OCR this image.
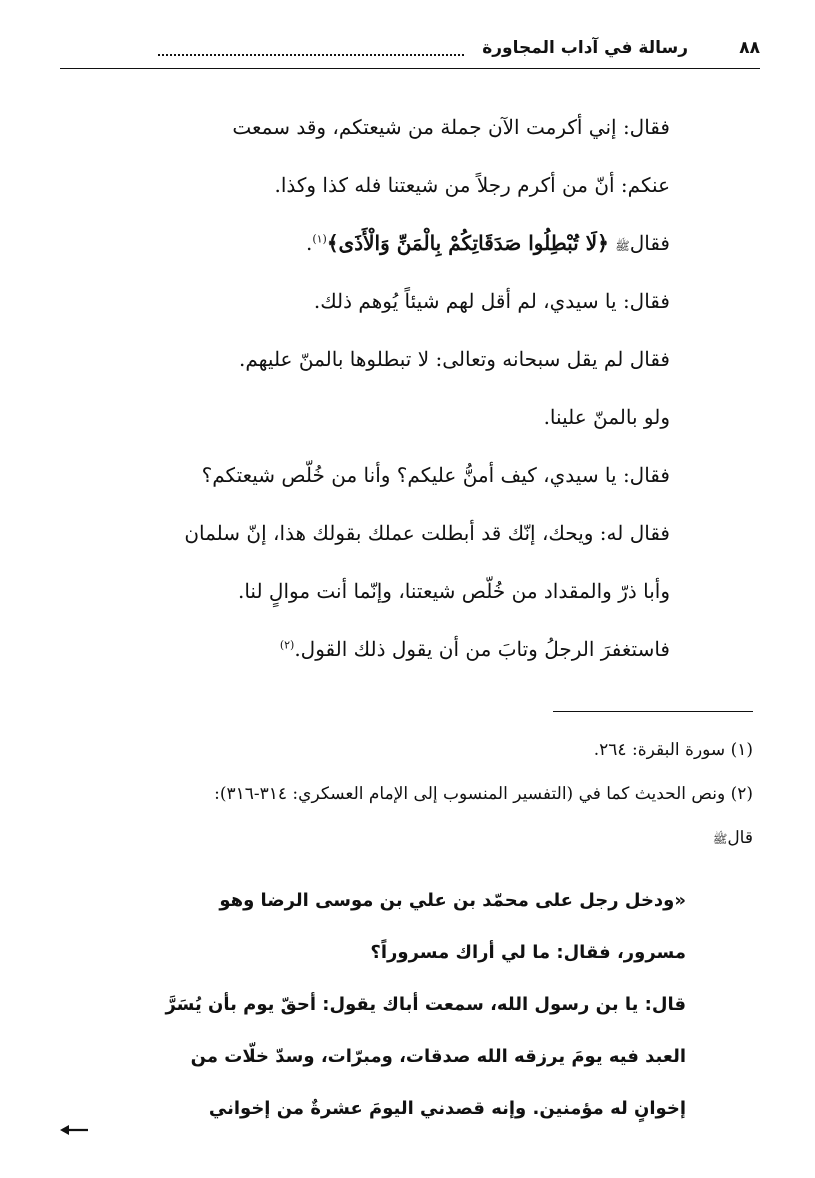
٨٨
رسالة في آداب المجاورة

فقال: إني أكرمت الآن جملة من شيعتكم، وقد سمعت

عنكم: أنّ من أكرم رجلاً من شيعتنا فله كذا وكذا.

فقالﷺ ﴿لَا تُبْطِلُوا صَدَقَاتِكُمْ بِالْمَنِّ وَالْأَذَى﴾$^{(١)}$.

فقال: يا سيدي، لم أقل لهم شيئاً يُوهم ذلك.

فقال لم يقل سبحانه وتعالى: لا تبطلوها بالمنّ عليهم.

ولو بالمنّ علينا.

فقال: يا سيدي، كيف أمنُّ عليكم؟ وأنا من خُلّص شيعتكم؟

فقال له: ويحك، إنّك قد أبطلت عملك بقولك هذا، إنّ سلمان

وأبا ذرّ والمقداد من خُلّص شيعتنا، وإنّما أنت موالٍ لنا.

فاستغفرَ الرجلُ وتابَ من أن يقول ذلك القول.$^{(٢)}$

(١) سورة البقرة: ٢٦٤.

(٢) ونص الحديث كما في (التفسير المنسوب إلى الإمام العسكري: ٣١٤-٣١٦):

قالﷺ

«ودخل رجل على محمّد بن علي بن موسى الرضا وهو

مسرور، فقال: ما لي أراك مسروراً؟

قال: يا بن رسول الله، سمعت أباك يقول: أحقّ يوم بأن يُسَرَّ

العبد فيه يومَ يرزقه الله صدقات، ومبرّات، وسدّ خلّات من

إخوانٍ له مؤمنين. وإنه قصدني اليومَ عشرةٌ من إخواني
